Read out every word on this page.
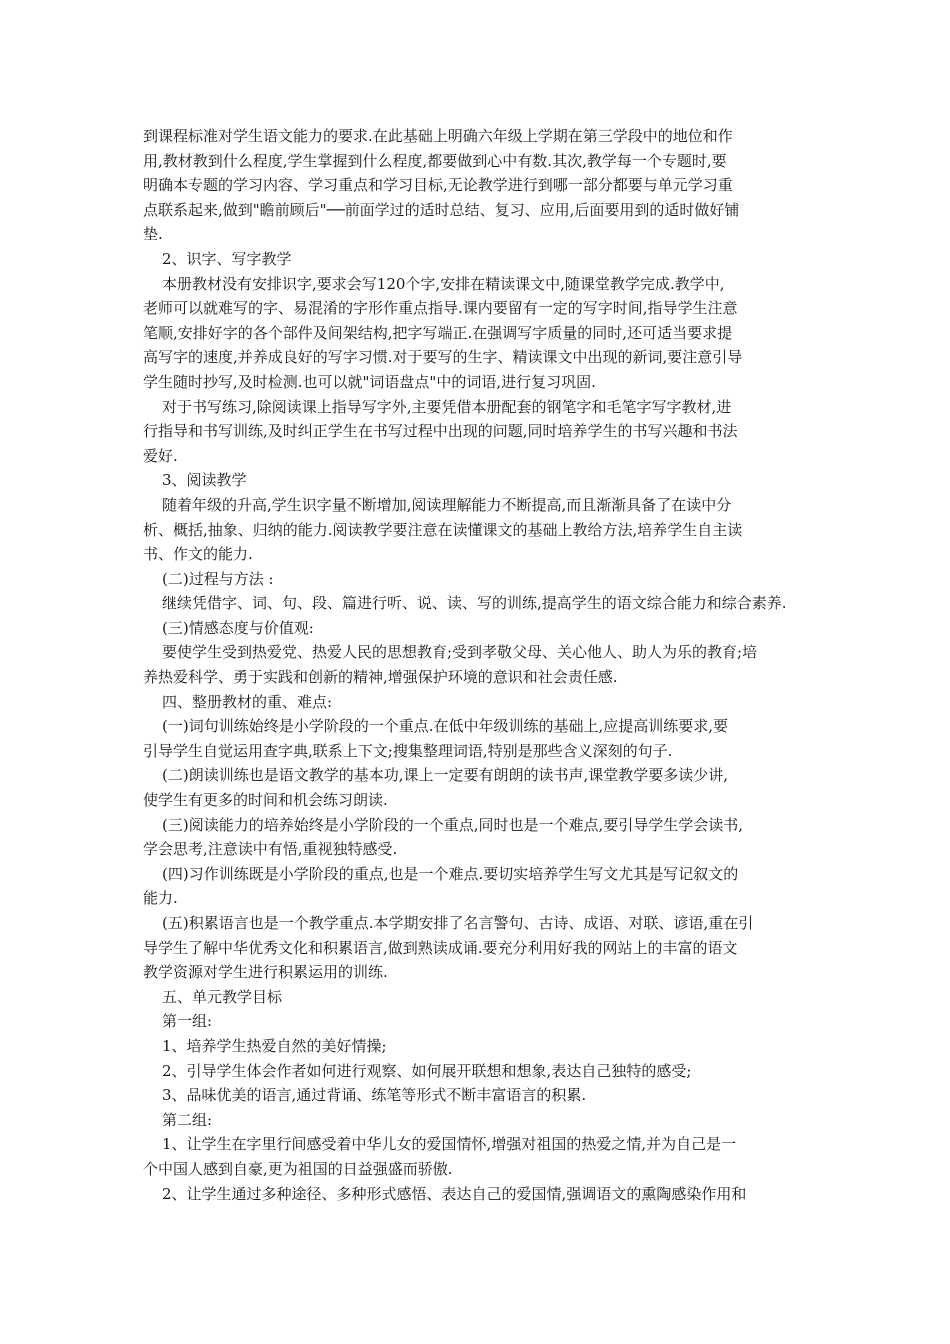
到课程标准对学生语文能力的要求.在此基础上明确六年级上学期在第三学段中的地位和作
用,教材教到什么程度,学生掌握到什么程度,都要做到心中有数.其次,教学每一个专题时,要
明确本专题的学习内容、学习重点和学习目标,无论教学进行到哪一部分都要与单元学习重
点联系起来,做到"瞻前顾后"──前面学过的适时总结、复习、应用,后面要用到的适时做好铺
垫.
2、识字、写字教学
本册教材没有安排识字,要求会写120个字,安排在精读课文中,随课堂教学完成.教学中,
老师可以就难写的字、易混淆的字形作重点指导.课内要留有一定的写字时间,指导学生注意
笔顺,安排好字的各个部件及间架结构,把字写端正.在强调写字质量的同时,还可适当要求提
高写字的速度,并养成良好的写字习惯.对于要写的生字、精读课文中出现的新词,要注意引导
学生随时抄写,及时检测.也可以就"词语盘点"中的词语,进行复习巩固.
对于书写练习,除阅读课上指导写字外,主要凭借本册配套的钢笔字和毛笔字写字教材,进
行指导和书写训练,及时纠正学生在书写过程中出现的问题,同时培养学生的书写兴趣和书法
爱好.
3、阅读教学
随着年级的升高,学生识字量不断增加,阅读理解能力不断提高,而且渐渐具备了在读中分
析、概括,抽象、归纳的能力.阅读教学要注意在读懂课文的基础上教给方法,培养学生自主读
书、作文的能力.
(二)过程与方法 :
继续凭借字、词、句、段、篇进行听、说、读、写的训练,提高学生的语文综合能力和综合素养.
(三)情感态度与价值观:
要使学生受到热爱党、热爱人民的思想教育;受到孝敬父母、关心他人、助人为乐的教育;培
养热爱科学、勇于实践和创新的精神,增强保护环境的意识和社会责任感.
四、整册教材的重、难点:
(一)词句训练始终是小学阶段的一个重点.在低中年级训练的基础上,应提高训练要求,要
引导学生自觉运用查字典,联系上下文;搜集整理词语,特别是那些含义深刻的句子.
(二)朗读训练也是语文教学的基本功,课上一定要有朗朗的读书声,课堂教学要多读少讲,
使学生有更多的时间和机会练习朗读.
(三)阅读能力的培养始终是小学阶段的一个重点,同时也是一个难点,要引导学生学会读书,
学会思考,注意读中有悟,重视独特感受.
(四)习作训练既是小学阶段的重点,也是一个难点.要切实培养学生写文尤其是写记叙文的
能力.
(五)积累语言也是一个教学重点.本学期安排了名言警句、古诗、成语、对联、谚语,重在引
导学生了解中华优秀文化和积累语言,做到熟读成诵.要充分利用好我的网站上的丰富的语文
教学资源对学生进行积累运用的训练.
五、单元教学目标
第一组:
1、培养学生热爱自然的美好情操;
2、引导学生体会作者如何进行观察、如何展开联想和想象,表达自己独特的感受;
3、品味优美的语言,通过背诵、练笔等形式不断丰富语言的积累.
第二组:
1、让学生在字里行间感受着中华儿女的爱国情怀,增强对祖国的热爱之情,并为自己是一
个中国人感到自豪,更为祖国的日益强盛而骄傲.
2、让学生通过多种途径、多种形式感悟、表达自己的爱国情,强调语文的熏陶感染作用和
